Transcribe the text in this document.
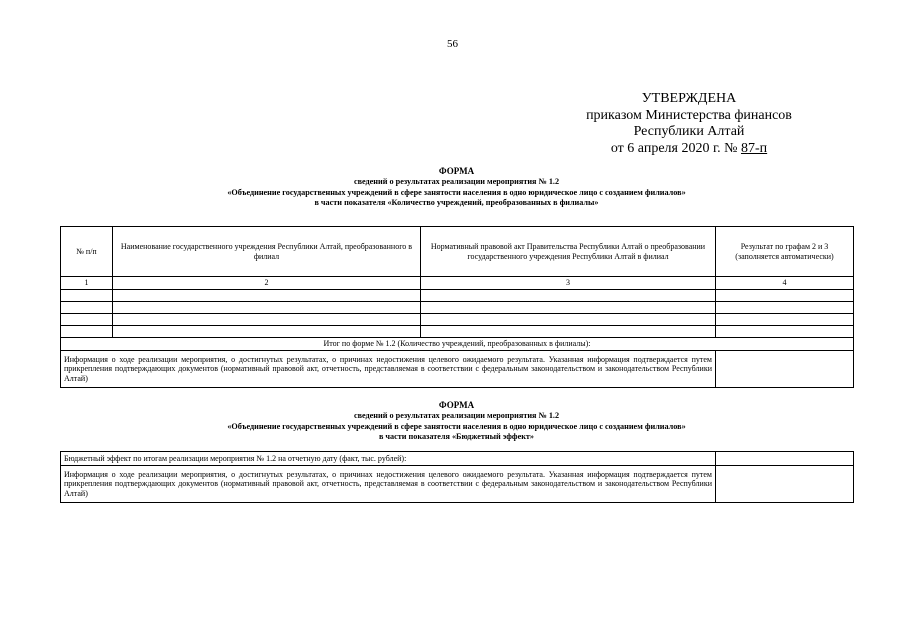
56
УТВЕРЖДЕНА
приказом Министерства финансов
Республики Алтай
от 6 апреля 2020 г. № 87-п
ФОРМА
сведений о результатах реализации мероприятия № 1.2
«Объединение государственных учреждений в сфере занятости населения в одно юридическое лицо с созданием филиалов»
в части показателя «Количество учреждений, преобразованных в филиалы»
№ п/п	Наименование государственного учреждения Республики Алтай, преобразованного в филиал	Нормативный правовой акт Правительства Республики Алтай о преобразовании государственного учреждения Республики Алтай в филиал	Результат по графам 2 и 3 (заполняется автоматически)
1	2	3	4

Итог по форме № 1.2 (Количество учреждений, преобразованных в филиалы):			
Информация о ходе реализации мероприятия, о достигнутых результатах, о причинах недостижения целевого ожидаемого результата. Указанная информация подтверждается путем прикрепления подтверждающих документов (нормативный правовой акт, отчетность, представляемая в соответствии с федеральным законодательством и законодательством Республики Алтай)			
ФОРМА
сведений о результатах реализации мероприятия № 1.2
«Объединение государственных учреждений в сфере занятости населения в одно юридическое лицо с созданием филиалов»
в части показателя «Бюджетный эффект»
Бюджетный эффект по итогам реализации мероприятия № 1.2 на отчетную дату (факт, тыс. рублей):	
Информация о ходе реализации мероприятия, о достигнутых результатах, о причинах недостижения целевого ожидаемого результата. Указанная информация подтверждается путем прикрепления подтверждающих документов (нормативный правовой акт, отчетность, представляемая в соответствии с федеральным законодательством и законодательством Республики Алтай)	
